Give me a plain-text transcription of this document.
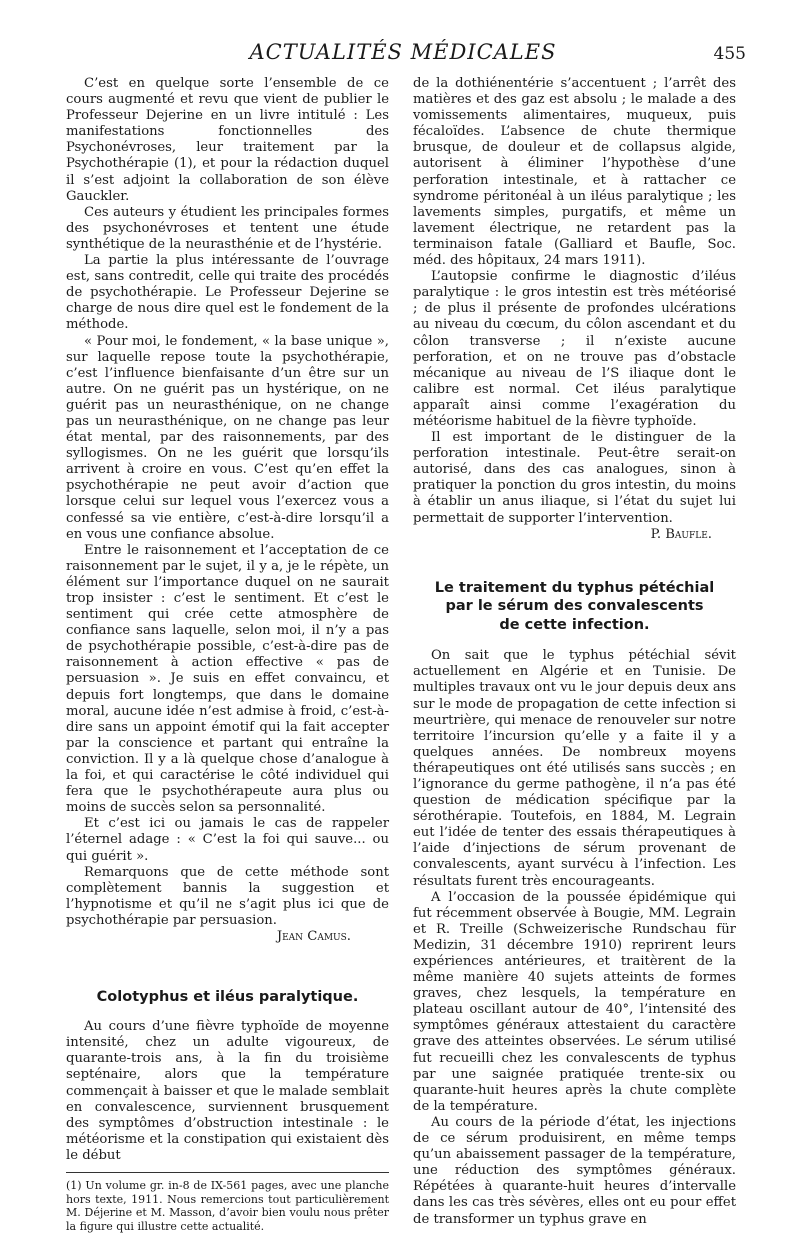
ACTUALITÉS MÉDICALES	455

C’est en quelque sorte l’ensemble de ce cours augmenté et revu que vient de publier le Professeur Dejerine en un livre intitulé : Les manifestations fonctionnelles des Psychonévroses, leur traitement par la Psychothérapie (1), et pour la rédaction duquel il s’est adjoint la collaboration de son élève Gauckler.

Ces auteurs y étudient les principales formes des psychonévroses et tentent une étude synthétique de la neurasthénie et de l’hystérie.

La partie la plus intéressante de l’ouvrage est, sans contredit, celle qui traite des procédés de psychothérapie. Le Professeur Dejerine se charge de nous dire quel est le fondement de la méthode.

« Pour moi, le fondement, « la base unique », sur laquelle repose toute la psychothérapie, c’est l’influence bienfaisante d’un être sur un autre. On ne guérit pas un hystérique, on ne guérit pas un neurasthénique, on ne change pas un neurasthénique, on ne change pas leur état mental, par des raisonnements, par des syllogismes. On ne les guérit que lorsqu’ils arrivent à croire en vous. C’est qu’en effet la psychothérapie ne peut avoir d’action que lorsque celui sur lequel vous l’exercez vous a confessé sa vie entière, c’est-à-dire lorsqu’il a en vous une confiance absolue.

Entre le raisonnement et l’acceptation de ce raisonnement par le sujet, il y a, je le répète, un élément sur l’importance duquel on ne saurait trop insister : c’est le sentiment. Et c’est le sentiment qui crée cette atmosphère de confiance sans laquelle, selon moi, il n’y a pas de psychothérapie possible, c’est-à-dire pas de raisonnement à action effective « pas de persuasion ». Je suis en effet convaincu, et depuis fort longtemps, que dans le domaine moral, aucune idée n’est admise à froid, c’est-à-dire sans un appoint émotif qui la fait accepter par la conscience et partant qui entraîne la conviction. Il y a là quelque chose d’analogue à la foi, et qui caractérise le côté individuel qui fera que le psychothérapeute aura plus ou moins de succès selon sa personnalité.

Et c’est ici ou jamais le cas de rappeler l’éternel adage : « C’est la foi qui sauve... ou qui guérit ».

Remarquons que de cette méthode sont complètement bannis la suggestion et l’hypnotisme et qu’il ne s’agit plus ici que de psychothérapie par persuasion.

Jean Camus.
Colotyphus et iléus paralytique.

Au cours d’une fièvre typhoïde de moyenne intensité, chez un adulte vigoureux, de quarante-trois ans, à la fin du troisième septénaire, alors que la température commençait à baisser et que le malade semblait en convalescence, surviennent brusquement des symptômes d’obstruction intestinale : le météorisme et la constipation qui existaient dès le début

(1) Un volume gr. in-8 de IX-561 pages, avec une planche hors texte, 1911. Nous remercions tout particulièrement M. Déjerine et M. Masson, d’avoir bien voulu nous prêter la figure qui illustre cette actualité.

de la dothiénentérie s’accentuent ; l’arrêt des matières et des gaz est absolu ; le malade a des vomissements alimentaires, muqueux, puis fécaloïdes. L’absence de chute thermique brusque, de douleur et de collapsus algide, autorisent à éliminer l’hypothèse d’une perforation intestinale, et à rattacher ce syndrome péritonéal à un iléus paralytique ; les lavements simples, purgatifs, et même un lavement électrique, ne retardent pas la terminaison fatale (Galliard et Baufle, Soc. méd. des hôpitaux, 24 mars 1911).

L’autopsie confirme le diagnostic d’iléus paralytique : le gros intestin est très météorisé ; de plus il présente de profondes ulcérations au niveau du cœcum, du côlon ascendant et du côlon transverse ; il n’existe aucune perforation, et on ne trouve pas d’obstacle mécanique au niveau de l’S iliaque dont le calibre est normal. Cet iléus paralytique apparaît ainsi comme l’exagération du météorisme habituel de la fièvre typhoïde.

Il est important de le distinguer de la perforation intestinale. Peut-être serait-on autorisé, dans des cas analogues, sinon à pratiquer la ponction du gros intestin, du moins à établir un anus iliaque, si l’état du sujet lui permettait de supporter l’intervention.

P. Baufle.
Le traitement du typhus pétéchial
par le sérum des convalescents
de cette infection.

On sait que le typhus pétéchial sévit actuellement en Algérie et en Tunisie. De multiples travaux ont vu le jour depuis deux ans sur le mode de propagation de cette infection si meurtrière, qui menace de renouveler sur notre territoire l’incursion qu’elle y a faite il y a quelques années. De nombreux moyens thérapeutiques ont été utilisés sans succès ; en l’ignorance du germe pathogène, il n’a pas été question de médication spécifique par la sérothérapie. Toutefois, en 1884, M. Legrain eut l’idée de tenter des essais thérapeutiques à l’aide d’injections de sérum provenant de convalescents, ayant survécu à l’infection. Les résultats furent très encourageants.

A l’occasion de la poussée épidémique qui fut récemment observée à Bougie, MM. Legrain et R. Treille (Schweizerische Rundschau für Medizin, 31 décembre 1910) reprirent leurs expériences antérieures, et traitèrent de la même manière 40 sujets atteints de formes graves, chez lesquels, la température en plateau oscillant autour de 40°, l’intensité des symptômes généraux attestaient du caractère grave des atteintes observées. Le sérum utilisé fut recueilli chez les convalescents de typhus par une saignée pratiquée trente-six ou quarante-huit heures après la chute complète de la température.

Au cours de la période d’état, les injections de ce sérum produisirent, en même temps qu’un abaissement passager de la température, une réduction des symptômes généraux. Répétées à quarante-huit heures d’intervalle dans les cas très sévères, elles ont eu pour effet de transformer un typhus grave en
